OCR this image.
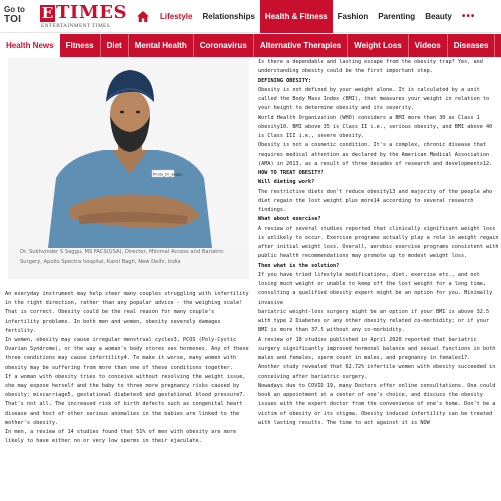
Go to
TOI	E TIMES
ENTERTAINMENT TIMES
Lifestyle	Relationships	Health & Fitness	Fashion	Parenting	Beauty	•••
Health News	Fitness	Diet	Mental Health	Coronavirus	Alternative Therapies	Weight Loss	Videos	Diseases
Photo_Dr_Saggu
Dr. Sukhvinder S Saggu, MS FACS(USA), Director, Minimal Access and Bariatric Surgery, Apollo Spectra hospital, Karol Bagh, New Delhi, India

An everyday instrument may help steer many couples struggling with infertility in the right direction, rather than any popular advice - the weighing scale! That is correct. Obesity could be the real reason for many couple's infertility problems. In both men and women, obesity severely damages fertility.

In women, obesity may cause irregular menstrual cycles3, PCOS (Poly-Cystic Ovarian Syndrome), or the way a woman's body stores sex hormones. Any of these three conditions may cause infertility4. To make it worse, many women with obesity may be suffering from more than one of these conditions together.

If a woman with obesity tries to conceive without resolving the weight issue, she may expose herself and the baby to three more pregnancy risks caused by obesity: miscarriage5, gestational diabetes6 and gestational blood pressure7. That's not all. The increased risk of birth defects such as congenital heart disease and host of other serious anomalies in the babies are linked to the mother's obesity.

In men, a review of 14 studies found that 51% of men with obesity are more likely to have either no or very low sperms in their ejaculate.

Is there a dependable and lasting escape from the obesity trap? Yes, and understanding obesity could be the first important step.

DEFINING OBESITY:

Obesity is not defined by your weight alone. It is calculated by a unit called the Body Mass Index (BMI), that measures your weight in relation to your height to determine obesity and its severity.

World Health Organization (WHO) considers a BMI more than 30 as Class 1 obesity10. BMI above 35 is Class II i.e., serious obesity, and BMI above 40 is Class III i.e., severe obesity.

Obesity is not a cosmetic condition. It's a complex, chronic disease that requires medical attention as declared by the American Medical Association (AMA) in 2013, as a result of three decades of research and developments12.

HOW TO TREAT OBESITY?

Will dieting work?

The restrictive diets don't reduce obesity13 and majority of the people who diet regain the lost weight plus more14 according to several research findings.

What about exercise?

A review of several studies reported that clinically significant weight loss is unlikely to occur. Exercise programs actually play a role in weight regain after initial weight loss. Overall, aerobic exercise programs consistent with public health recommendations may promote up to modest weight loss.

Then what is the solution?

If you have tried lifestyle modifications, diet, exercise etc., and not losing much weight or unable to keep off the lost weight for a long time, consulting a qualified obesity expert might be an option for you. Minimally invasive

bariatric weight-loss surgery might be an option if your BMI is above 32.5 with type 2 Diabetes or any other obesity related co-morbidity; or if your BMI is more than 37.5 without any co-morbidity.

A review of 18 studies published in April 2020 reported that bariatric surgery significantly improved hormonal balance and sexual functions in both males and females, sperm count in males, and pregnancy in females17.

Another study revealed that 62.72% infertile women with obesity succeeded in conceiving after bariatric surgery.

Nowadays due to COVID 19, many Doctors offer online consultations. One could book an appointment at a center of one's choice, and discuss the obesity issues with the expert doctor from the convenience of one's home. Don't be a victim of obesity or its stigma. Obesity induced infertility can be treated with lasting results. The time to act against it is NOW
